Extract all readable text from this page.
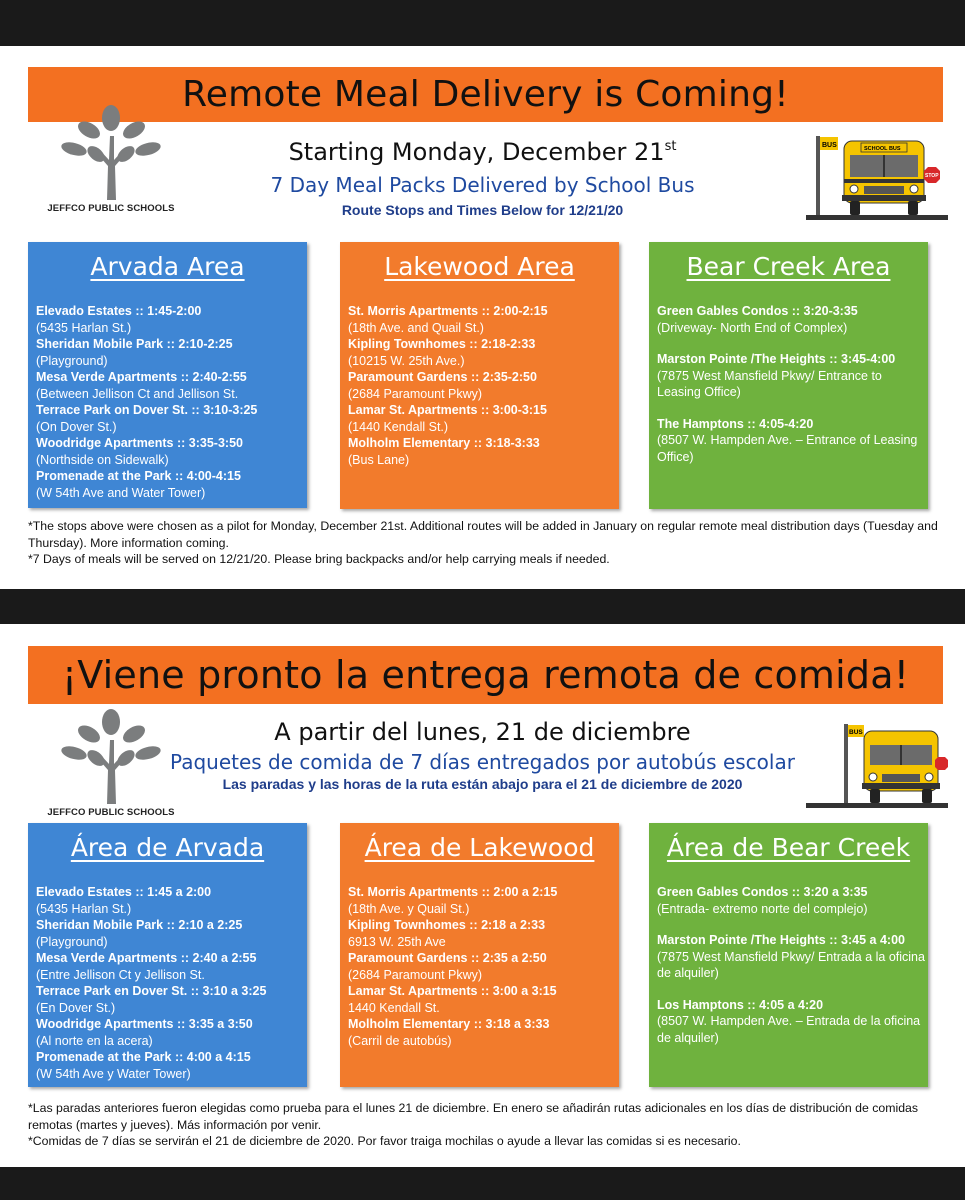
Remote Meal Delivery is Coming!
JEFFCO PUBLIC SCHOOLS
Starting Monday, December 21st
7 Day Meal Packs Delivered by School Bus
Route Stops and Times Below for 12/21/20
BUS	SCHOOL BUS
STOP
Arvada Area
Elevado Estates :: 1:45-2:00
(5435 Harlan St.)
Sheridan Mobile Park :: 2:10-2:25
(Playground)
Mesa Verde Apartments :: 2:40-2:55
(Between Jellison Ct and Jellison St.
Terrace Park on Dover St. :: 3:10-3:25
(On Dover St.)
Woodridge Apartments :: 3:35-3:50
(Northside on Sidewalk)
Promenade at the Park :: 4:00-4:15
(W 54th Ave and Water Tower)
Lakewood Area
St. Morris Apartments :: 2:00-2:15
(18th Ave. and Quail St.)
Kipling Townhomes :: 2:18-2:33
(10215 W. 25th Ave.)
Paramount Gardens :: 2:35-2:50
(2684 Paramount Pkwy)
Lamar St. Apartments :: 3:00-3:15
(1440 Kendall St.)
Molholm Elementary :: 3:18-3:33
(Bus Lane)
Bear Creek Area
Green Gables Condos :: 3:20-3:35
(Driveway- North End of Complex)
Marston Pointe /The Heights :: 3:45-4:00
(7875 West Mansfield Pkwy/ Entrance to Leasing Office)
The Hamptons :: 4:05-4:20
(8507 W. Hampden Ave. – Entrance of Leasing Office)

*The stops above were chosen as a pilot for Monday, December 21st. Additional routes will be added in January on regular remote meal distribution days (Tuesday and Thursday). More information coming.

*7 Days of meals will be served on 12/21/20. Please bring backpacks and/or help carrying meals if needed.

¡Viene pronto la entrega remota de comida!
JEFFCO PUBLIC SCHOOLS
A partir del lunes, 21 de diciembre
Paquetes de comida de 7 días entregados por autobús escolar
Las paradas y las horas de la ruta están abajo para el 21 de diciembre de 2020
BUS
Área de Arvada
Elevado Estates :: 1:45 a 2:00
(5435 Harlan St.)
Sheridan Mobile Park :: 2:10 a 2:25
(Playground)
Mesa Verde Apartments :: 2:40 a 2:55
(Entre Jellison Ct y Jellison St.
Terrace Park en Dover St. :: 3:10 a 3:25
(En Dover St.)
Woodridge Apartments :: 3:35 a 3:50
(Al norte en la acera)
Promenade at the Park :: 4:00 a 4:15
(W 54th Ave y Water Tower)
Área de Lakewood
St. Morris Apartments :: 2:00 a 2:15
(18th Ave. y Quail St.)
Kipling Townhomes :: 2:18 a 2:33
6913 W. 25th Ave
Paramount Gardens :: 2:35 a 2:50
(2684 Paramount Pkwy)
Lamar St. Apartments :: 3:00 a 3:15
1440 Kendall St.
Molholm Elementary :: 3:18 a 3:33
(Carril de autobús)
Área de Bear Creek
Green Gables Condos :: 3:20 a 3:35
(Entrada- extremo norte del complejo)
Marston Pointe /The Heights :: 3:45 a 4:00
(7875 West Mansfield Pkwy/ Entrada a la oficina de alquiler)
Los Hamptons :: 4:05 a 4:20
(8507 W. Hampden Ave. – Entrada de la oficina de alquiler)

*Las paradas anteriores fueron elegidas como prueba para el lunes 21 de diciembre. En enero se añadirán rutas adicionales en los días de distribución de comidas remotas (martes y jueves). Más información por venir.

*Comidas de 7 días se servirán el 21 de diciembre de 2020. Por favor traiga mochilas o ayude a llevar las comidas si es necesario.
